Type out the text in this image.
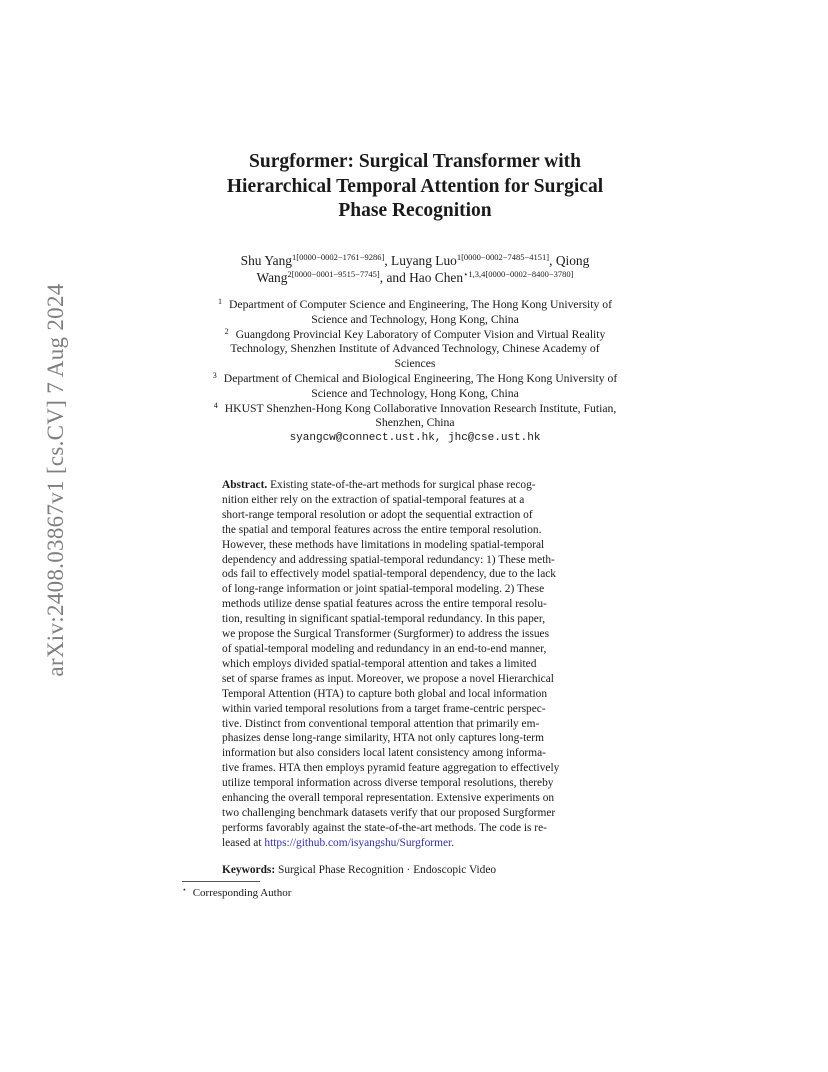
arXiv:2408.03867v1 [cs.CV] 7 Aug 2024
Surgformer: Surgical Transformer with
Hierarchical Temporal Attention for Surgical
Phase Recognition
Shu Yang$^{1[0000-0002-1761-9286]}$, Luyang Luo$^{1[0000-0002-7485-4151]}$, Qiong
Wang$^{2[0000-0001-9515-7745]}$, and Hao Chen$^{⋆1,3,4[0000-0002-8400-3780]}$
$^1$ Department of Computer Science and Engineering, The Hong Kong University of
Science and Technology, Hong Kong, China
$^2$ Guangdong Provincial Key Laboratory of Computer Vision and Virtual Reality
Technology, Shenzhen Institute of Advanced Technology, Chinese Academy of
Sciences
$^3$ Department of Chemical and Biological Engineering, The Hong Kong University of
Science and Technology, Hong Kong, China
$^4$ HKUST Shenzhen-Hong Kong Collaborative Innovation Research Institute, Futian,
Shenzhen, China
syangcw@connect.ust.hk, jhc@cse.ust.hk
Abstract. Existing state-of-the-art methods for surgical phase recog-
nition either rely on the extraction of spatial-temporal features at a
short-range temporal resolution or adopt the sequential extraction of
the spatial and temporal features across the entire temporal resolution.
However, these methods have limitations in modeling spatial-temporal
dependency and addressing spatial-temporal redundancy: 1) These meth-
ods fail to effectively model spatial-temporal dependency, due to the lack
of long-range information or joint spatial-temporal modeling. 2) These
methods utilize dense spatial features across the entire temporal resolu-
tion, resulting in significant spatial-temporal redundancy. In this paper,
we propose the Surgical Transformer (Surgformer) to address the issues
of spatial-temporal modeling and redundancy in an end-to-end manner,
which employs divided spatial-temporal attention and takes a limited
set of sparse frames as input. Moreover, we propose a novel Hierarchical
Temporal Attention (HTA) to capture both global and local information
within varied temporal resolutions from a target frame-centric perspec-
tive. Distinct from conventional temporal attention that primarily em-
phasizes dense long-range similarity, HTA not only captures long-term
information but also considers local latent consistency among informa-
tive frames. HTA then employs pyramid feature aggregation to effectively
utilize temporal information across diverse temporal resolutions, thereby
enhancing the overall temporal representation. Extensive experiments on
two challenging benchmark datasets verify that our proposed Surgformer
performs favorably against the state-of-the-art methods. The code is re-
leased at https://github.com/isyangshu/Surgformer.
Keywords: Surgical Phase Recognition · Endoscopic Video
⋆ Corresponding Author
